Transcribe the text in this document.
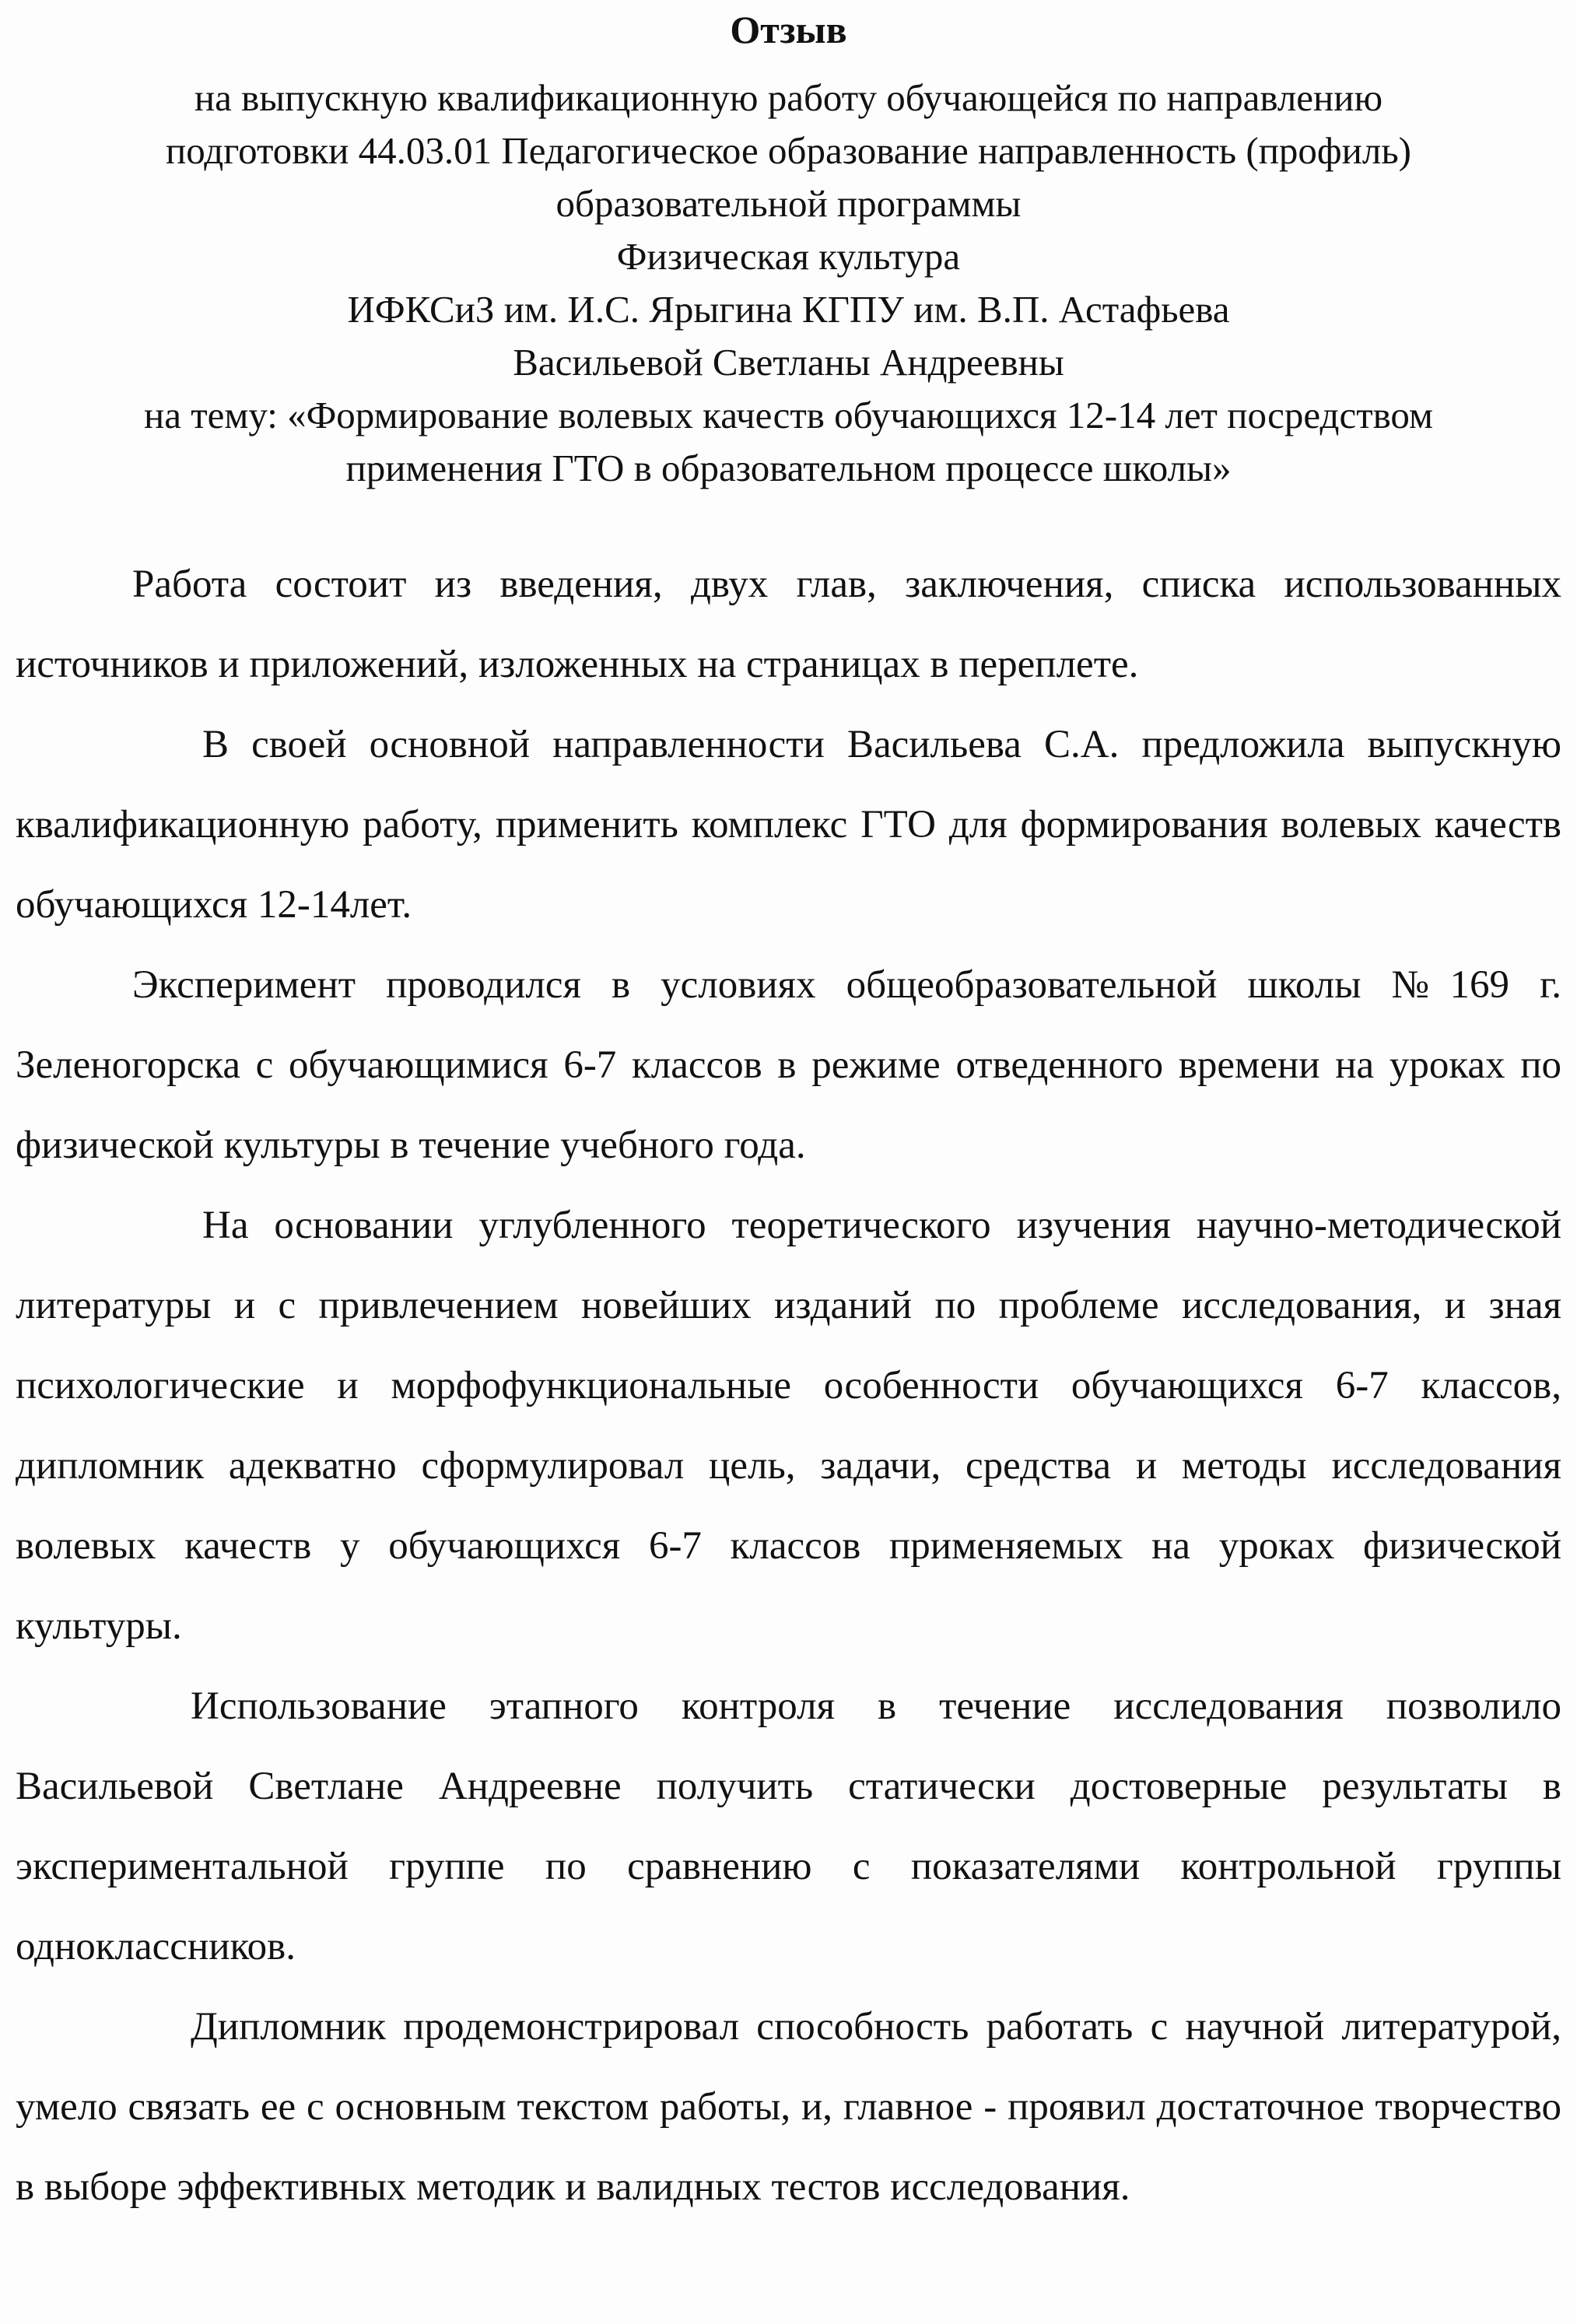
Отзыв

на выпускную квалификационную работу обучающейся по направлению

подготовки 44.03.01 Педагогическое образование направленность (профиль)

образовательной программы

Физическая культура

ИФКСиЗ им. И.С. Ярыгина КГПУ им. В.П. Астафьева

Васильевой Светланы Андреевны

на тему: «Формирование волевых качеств обучающихся 12-14 лет посредством

применения ГТО в образовательном процессе школы»

Работа состоит из введения, двух глав, заключения, списка использованных источников и приложений, изложенных на страницах в переплете.

В своей основной направленности Васильева С.А. предложила выпускную квалификационную работу, применить комплекс ГТО для формирования волевых качеств обучающихся 12-14лет.

Эксперимент проводился в условиях общеобразовательной школы №169 г. Зеленогорска с обучающимися 6-7 классов в режиме отведенного времени на уроках по физической культуры в течение учебного года.

На основании углубленного теоретического изучения научно-методической литературы и с привлечением новейших изданий по проблеме исследования, и зная психологические и морфофункциональные особенности обучающихся 6-7 классов, дипломник адекватно сформулировал цель, задачи, средства и методы исследования волевых качеств у обучающихся 6-7 классов применяемых на уроках физической культуры.

Использование этапного контроля в течение исследования позволило Васильевой Светлане Андреевне получить статически достоверные результаты в экспериментальной группе по сравнению с показателями контрольной группы одноклассников.

Дипломник продемонстрировал способность работать с научной литературой, умело связать ее с основным текстом работы, и, главное - проявил достаточное творчество в выборе эффективных методик и валидных тестов исследования.
